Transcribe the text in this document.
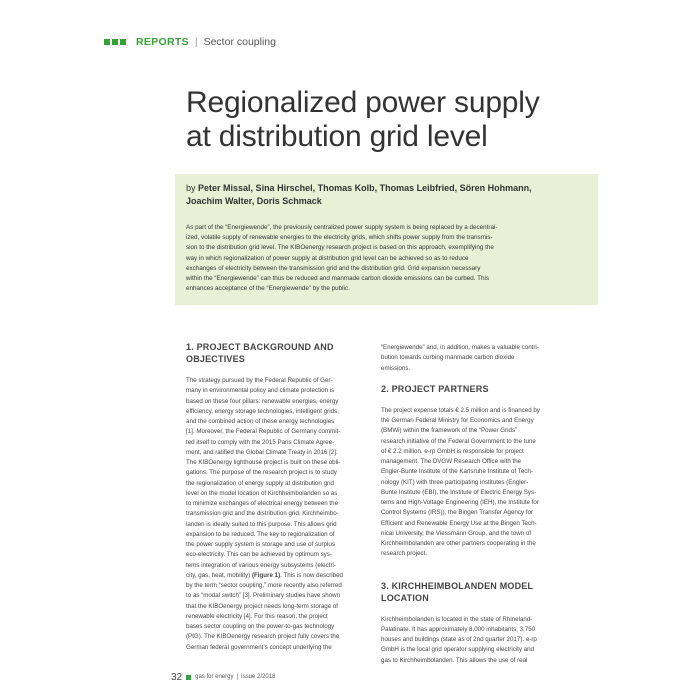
REPORTS | Sector coupling
Regionalized power supply
at distribution grid level

by Peter Missal, Sina Hirschel, Thomas Kolb, Thomas Leibfried, Sören Hohmann,
Joachim Walter, Doris Schmack

As part of the “Energiewende”, the previously centralized power supply system is being replaced by a decentral-
ized, volatile supply of renewable energies to the electricity grids, which shifts power supply from the transmis-
sion to the distribution grid level. The KIBOenergy research project is based on this approach, exemplifying the
way in which regionalization of power supply at distribution grid level can be achieved so as to reduce
exchanges of electricity between the transmission grid and the distribution grid. Grid expansion necessary
within the “Energiewende” can thus be reduced and manmade carbon dioxide emissions can be curbed. This
enhances acceptance of the “Energiewende” by the public.

1. PROJECT BACKGROUND AND
OBJECTIVES

The strategy pursued by the Federal Republic of Ger-
many in environmental policy and climate protection is
based on these four pillars: renewable energies, energy
efficiency, energy storage technologies, intelligent grids,
and the combined action of these energy technologies
[1]. Moreover, the Federal Republic of Germany commit-
ted itself to comply with the 2015 Paris Climate Agree-
ment, and ratified the Global Climate Treaty in 2016 [2].
The KIBOenergy lighthouse project is built on these obli-
gations. The purpose of the research project is to study
the regionalization of energy supply at distribution grid
level on the model location of Kirchheimbolanden so as
to minimize exchanges of electrical energy between the
transmission grid and the distribution grid. Kirchheimbo-
landen is ideally suited to this purpose. This allows grid
expansion to be reduced. The key to regionalization of
the power supply system is storage and use of surplus
eco-electricity. This can be achieved by optimum sys-
tems integration of various energy subsystems (electri-
city, gas, heat, mobility) (Figure 1). This is now described
by the term “sector coupling,” more recently also referred
to as “modal switch” [3]. Preliminary studies have shown
that the KIBOenergy project needs long-term storage of
renewable electricity [4]. For this reason, the project
bases sector coupling on the power-to-gas technology
(PtG). The KIBOenergy research project fully covers the
German federal government’s concept underlying the

“Energiewende” and, in addition, makes a valuable contri-
bution towards curbing manmade carbon dioxide
emissions.

2. PROJECT PARTNERS

The project expense totals € 2.5 million and is financed by
the German Federal Ministry for Economics and Energy
(BMWi) within the framework of the “Power Grids”
research initiative of the Federal Government to the tune
of € 2.2 million. e-rp GmbH is responsible for project
management. The DVGW Research Office with the
Engler-Bunte Institute of the Karlsruhe Institute of Tech-
nology (KIT) with three participating institutes (Engler-
Bunte Institute (EBI), the Institute of Electric Energy Sys-
tems and High-Voltage Engineering (IEH), the Institute for
Control Systems (IRS)), the Bingen Transfer Agency for
Efficient and Renewable Energy Use at the Bingen Tech-
nical University, the Viessmann Group, and the town of
Kirchheimbolanden are other partners cooperating in the
research project.

3. KIRCHHEIMBOLANDEN MODEL
LOCATION

Kirchheimbolanden is located in the state of Rhineland-
Palatinate. It has approximately 8,000 inhabitants, 3,750
houses and buildings (state as of 2nd quarter 2017). e-rp
GmbH is the local grid operator supplying electricity and
gas to Kirchheimbolanden. This allows the use of real

32 gas for energy | Issue 2/2018
